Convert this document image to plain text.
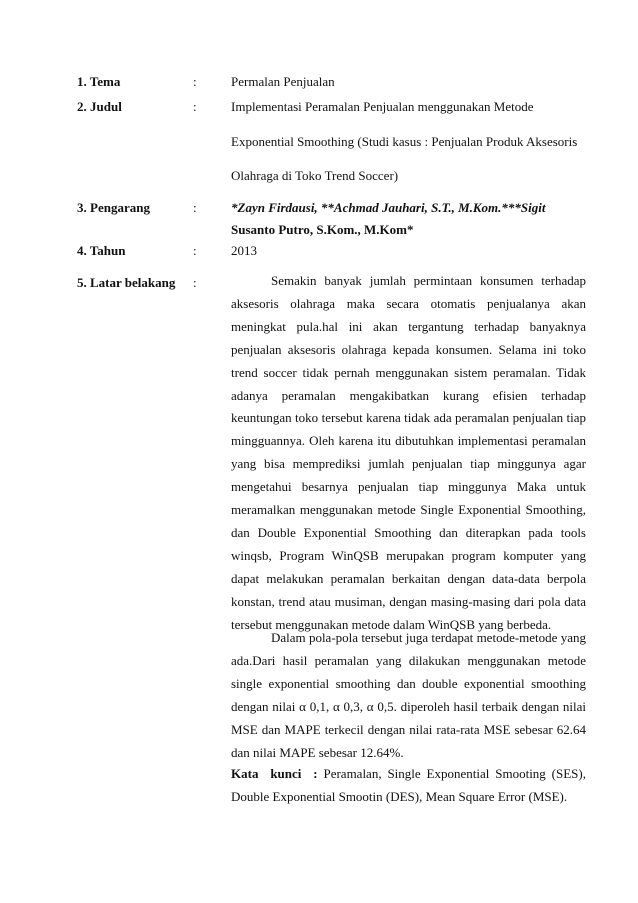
1. Tema	:	Permalan Penjualan
2. Judul	:	Implementasi Peramalan Penjualan menggunakan Metode
Exponential Smoothing (Studi kasus : Penjualan Produk Aksesoris
Olahraga di Toko Trend Soccer)
3. Pengarang	:	*Zayn Firdausi, **Achmad Jauhari, S.T., M.Kom.***Sigit
Susanto Putro, S.Kom., M.Kom*
4. Tahun	:	2013
5. Latar belakang :	Semakin banyak jumlah permintaan konsumen terhadap aksesoris olahraga maka secara otomatis penjualanya akan meningkat pula.hal ini akan tergantung terhadap banyaknya penjualan aksesoris olahraga kepada konsumen. Selama ini toko trend soccer tidak pernah menggunakan sistem peramalan. Tidak adanya peramalan mengakibatkan kurang efisien terhadap keuntungan toko tersebut karena tidak ada peramalan penjualan tiap mingguannya. Oleh karena itu dibutuhkan implementasi peramalan yang bisa memprediksi jumlah penjualan tiap minggunya agar mengetahui besarnya penjualan tiap minggunya Maka untuk meramalkan menggunakan metode Single Exponential Smoothing, dan Double Exponential Smoothing dan diterapkan pada tools winqsb, Program WinQSB merupakan program komputer yang dapat melakukan peramalan berkaitan dengan data-data berpola konstan, trend atau musiman, dengan masing-masing dari pola data tersebut menggunakan metode dalam WinQSB yang berbeda.

Dalam pola-pola tersebut juga terdapat metode-metode yang ada.Dari hasil peramalan yang dilakukan menggunakan metode single exponential smoothing dan double exponential smoothing dengan nilai α 0,1, α 0,3, α 0,5. diperoleh hasil terbaik dengan nilai MSE dan MAPE terkecil dengan nilai rata-rata MSE sebesar 62.64 dan nilai MAPE sebesar 12.64%.

Kata kunci : Peramalan, Single Exponential Smooting (SES), Double Exponential Smootin (DES), Mean Square Error (MSE).
